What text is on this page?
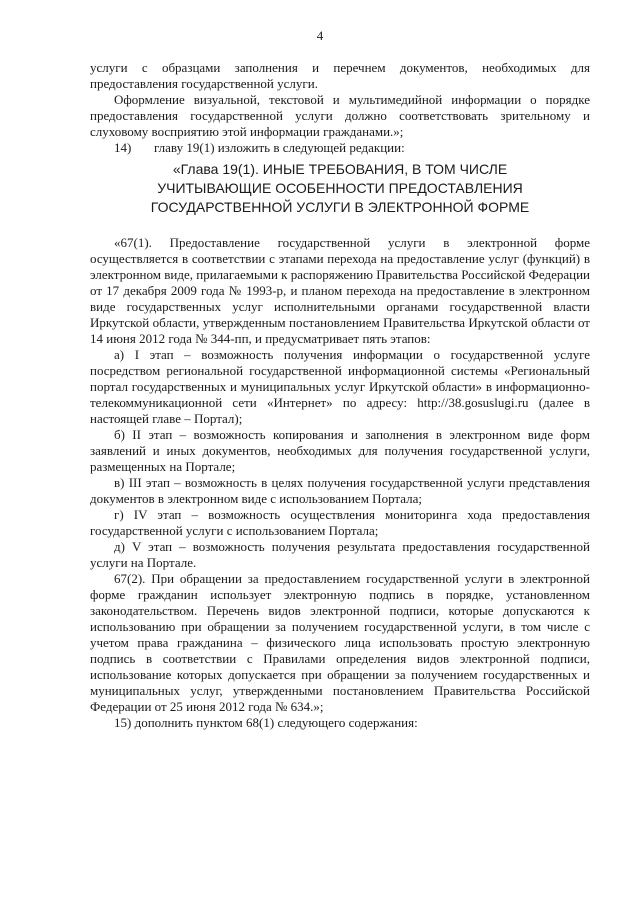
4

услуги с образцами заполнения и перечнем документов, необходимых для предоставления государственной услуги.

Оформление визуальной, текстовой и мультимедийной информации о порядке предоставления государственной услуги должно соответствовать зрительному и слуховому восприятию этой информации гражданами.»;

14) главу 19(1) изложить в следующей редакции:

«Глава 19(1). ИНЫЕ ТРЕБОВАНИЯ, В ТОМ ЧИСЛЕ
УЧИТЫВАЮЩИЕ ОСОБЕННОСТИ ПРЕДОСТАВЛЕНИЯ
ГОСУДАРСТВЕННОЙ УСЛУГИ В ЭЛЕКТРОННОЙ ФОРМЕ

«67(1). Предоставление государственной услуги в электронной форме осуществляется в соответствии с этапами перехода на предоставление услуг (функций) в электронном виде, прилагаемыми к распоряжению Правительства Российской Федерации от 17 декабря 2009 года № 1993-р, и планом перехода на предоставление в электронном виде государственных услуг исполнительными органами государственной власти Иркутской области, утвержденным постановлением Правительства Иркутской области от 14 июня 2012 года № 344-пп, и предусматривает пять этапов:

а) I этап – возможность получения информации о государственной услуге посредством региональной государственной информационной системы «Региональный портал государственных и муниципальных услуг Иркутской области» в информационно-телекоммуникационной сети «Интернет» по адресу: http://38.gosuslugi.ru (далее в настоящей главе – Портал);

б) II этап – возможность копирования и заполнения в электронном виде форм заявлений и иных документов, необходимых для получения государственной услуги, размещенных на Портале;

в) III этап – возможность в целях получения государственной услуги представления документов в электронном виде с использованием Портала;

г) IV этап – возможность осуществления мониторинга хода предоставления государственной услуги с использованием Портала;

д) V этап – возможность получения результата предоставления государственной услуги на Портале.

67(2). При обращении за предоставлением государственной услуги в электронной форме гражданин использует электронную подпись в порядке, установленном законодательством. Перечень видов электронной подписи, которые допускаются к использованию при обращении за получением государственной услуги, в том числе с учетом права гражданина – физического лица использовать простую электронную подпись в соответствии с Правилами определения видов электронной подписи, использование которых допускается при обращении за получением государственных и муниципальных услуг, утвержденными постановлением Правительства Российской Федерации от 25 июня 2012 года № 634.»;

15) дополнить пунктом 68(1) следующего содержания:
